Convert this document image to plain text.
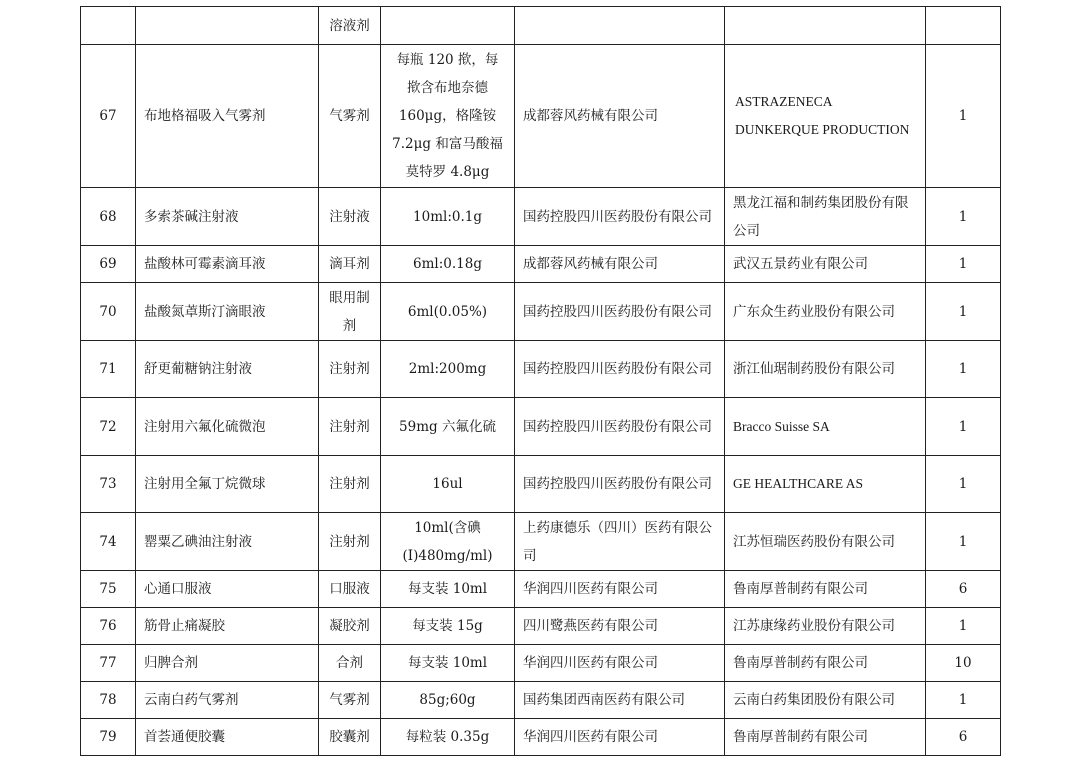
		溶液剂				
67	布地格福吸入气雾剂	气雾剂	每瓶 120 揿，每揿含布地奈德160μg，格隆铵7.2μg 和富马酸福莫特罗 4.8μg	成都蓉风药械有限公司	ASTRAZENECA DUNKERQUE PRODUCTION	1
68	多索茶碱注射液	注射液	10ml:0.1g	国药控股四川医药股份有限公司	黑龙江福和制药集团股份有限公司	1
69	盐酸林可霉素滴耳液	滴耳剂	6ml:0.18g	成都蓉风药械有限公司	武汉五景药业有限公司	1
70	盐酸氮䓬斯汀滴眼液	眼用制剂	6ml(0.05%)	国药控股四川医药股份有限公司	广东众生药业股份有限公司	1
71	舒更葡糖钠注射液	注射剂	2ml:200mg	国药控股四川医药股份有限公司	浙江仙琚制药股份有限公司	1
72	注射用六氟化硫微泡	注射剂	59mg 六氟化硫	国药控股四川医药股份有限公司	Bracco Suisse SA	1
73	注射用全氟丁烷微球	注射剂	16ul	国药控股四川医药股份有限公司	GE HEALTHCARE AS	1
74	罂粟乙碘油注射液	注射剂	10ml(含碘(I)480mg/ml)	上药康德乐（四川）医药有限公司	江苏恒瑞医药股份有限公司	1
75	心通口服液	口服液	每支装 10ml	华润四川医药有限公司	鲁南厚普制药有限公司	6
76	筋骨止痛凝胶	凝胶剂	每支装 15g	四川鹭燕医药有限公司	江苏康缘药业股份有限公司	1
77	归脾合剂	合剂	每支装 10ml	华润四川医药有限公司	鲁南厚普制药有限公司	10
78	云南白药气雾剂	气雾剂	85g;60g	国药集团西南医药有限公司	云南白药集团股份有限公司	1
79	首荟通便胶囊	胶囊剂	每粒装 0.35g	华润四川医药有限公司	鲁南厚普制药有限公司	6
